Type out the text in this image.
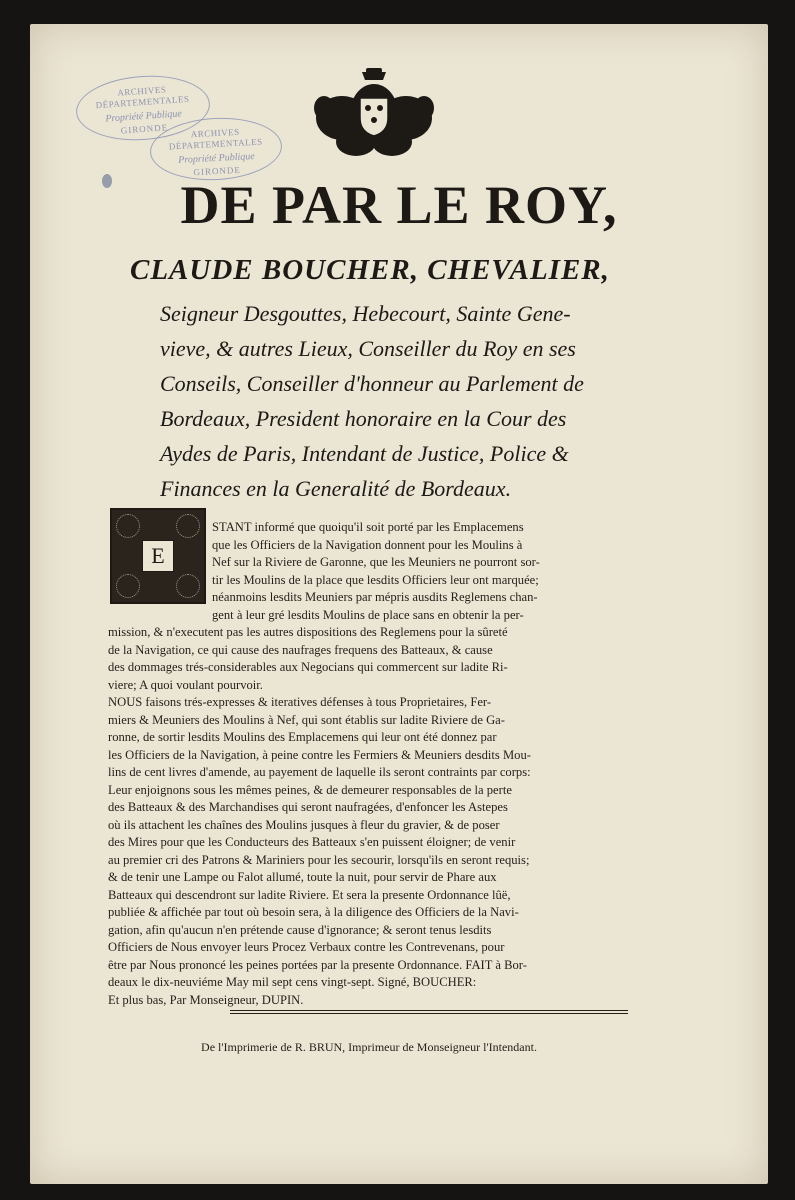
ARCHIVES DÉPARTEMENTALES
Propriété Publique
GIRONDE	ARCHIVES DÉPARTEMENTALES
Propriété Publique
GIRONDE
DE PAR LE ROY,
CLAUDE BOUCHER, CHEVALIER,
Seigneur Desgouttes, Hebecourt, Sainte Gene-
vieve, & autres Lieux, Conseiller du Roy en ses
Conseils, Conseiller d'honneur au Parlement de
Bordeaux, President honoraire en la Cour des
Aydes de Paris, Intendant de Justice, Police &
Finances en la Generalité de Bordeaux.
E
STANT informé que quoiqu'il soit porté par les Emplacemens
que les Officiers de la Navigation donnent pour les Moulins à
Nef sur la Riviere de Garonne, que les Meuniers ne pourront sor-
tir les Moulins de la place que lesdits Officiers leur ont marquée;
néanmoins lesdits Meuniers par mépris ausdits Reglemens chan-
gent à leur gré lesdits Moulins de place sans en obtenir la per-
mission, & n'executent pas les autres dispositions des Reglemens pour la sûreté
de la Navigation, ce qui cause des naufrages frequens des Batteaux, & cause
des dommages trés-considerables aux Negocians qui commercent sur ladite Ri-
viere; A quoi voulant pourvoir.
NOUS faisons trés-expresses & iteratives défenses à tous Proprietaires, Fer-
miers & Meuniers des Moulins à Nef, qui sont établis sur ladite Riviere de Ga-
ronne, de sortir lesdits Moulins des Emplacemens qui leur ont été donnez par
les Officiers de la Navigation, à peine contre les Fermiers & Meuniers desdits Mou-
lins de cent livres d'amende, au payement de laquelle ils seront contraints par corps:
Leur enjoignons sous les mêmes peines, & de demeurer responsables de la perte
des Batteaux & des Marchandises qui seront naufragées, d'enfoncer les Astepes
où ils attachent les chaînes des Moulins jusques à fleur du gravier, & de poser
des Mires pour que les Conducteurs des Batteaux s'en puissent éloigner; de venir
au premier cri des Patrons & Mariniers pour les secourir, lorsqu'ils en seront requis;
& de tenir une Lampe ou Falot allumé, toute la nuit, pour servir de Phare aux
Batteaux qui descendront sur ladite Riviere. Et sera la presente Ordonnance lûë,
publiée & affichée par tout où besoin sera, à la diligence des Officiers de la Navi-
gation, afin qu'aucun n'en prétende cause d'ignorance; & seront tenus lesdits
Officiers de Nous envoyer leurs Procez Verbaux contre les Contrevenans, pour
être par Nous prononcé les peines portées par la presente Ordonnance. FAIT à Bor-
deaux le dix-neuviéme May mil sept cens vingt-sept. Signé, BOUCHER:
Et plus bas, Par Monseigneur, DUPIN.
De l'Imprimerie de R. BRUN, Imprimeur de Monseigneur l'Intendant.
